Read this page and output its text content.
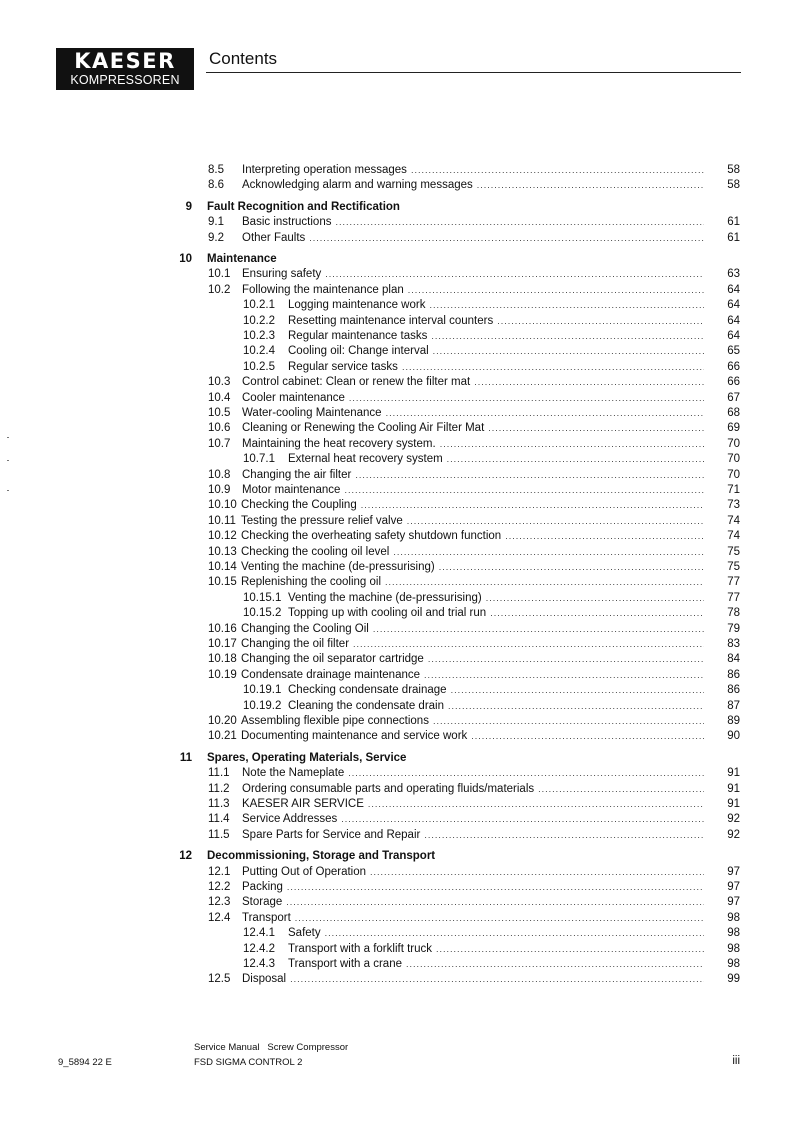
KAESER
KOMPRESSOREN
Contents
8.5 Interpreting operation messages .....	58
8.6 Acknowledging alarm and warning messages .....	58
9 Fault Recognition and Rectification
9.1 Basic instructions .....	61
9.2 Other Faults .....	61
10 Maintenance
10.1 Ensuring safety .....	63
10.2 Following the maintenance plan .....	64
10.2.1 Logging maintenance work .....	64
10.2.2 Resetting maintenance interval counters .....	64
10.2.3 Regular maintenance tasks .....	64
10.2.4 Cooling oil: Change interval .....	65
10.2.5 Regular service tasks .....	66
10.3 Control cabinet: Clean or renew the filter mat .....	66
10.4 Cooler maintenance .....	67
10.5 Water-cooling Maintenance .....	68
10.6 Cleaning or Renewing the Cooling Air Filter Mat .....	69
10.7 Maintaining the heat recovery system. .....	70
10.7.1 External heat recovery system .....	70
10.8 Changing the air filter .....	70
10.9 Motor maintenance .....	71
10.10 Checking the Coupling .....	73
10.11 Testing the pressure relief valve .....	74
10.12 Checking the overheating safety shutdown function .....	74
10.13 Checking the cooling oil level .....	75
10.14 Venting the machine (de-pressurising) .....	75
10.15 Replenishing the cooling oil .....	77
10.15.1 Venting the machine (de-pressurising) .....	77
10.15.2 Topping up with cooling oil and trial run .....	78
10.16 Changing the Cooling Oil .....	79
10.17 Changing the oil filter .....	83
10.18 Changing the oil separator cartridge .....	84
10.19 Condensate drainage maintenance .....	86
10.19.1 Checking condensate drainage .....	86
10.19.2 Cleaning the condensate drain .....	87
10.20 Assembling flexible pipe connections .....	89
10.21 Documenting maintenance and service work .....	90
11 Spares, Operating Materials, Service
11.1 Note the Nameplate .....	91
11.2 Ordering consumable parts and operating fluids/materials .....	91
11.3 KAESER AIR SERVICE .....	91
11.4 Service Addresses .....	92
11.5 Spare Parts for Service and Repair .....	92
12 Decommissioning, Storage and Transport
12.1 Putting Out of Operation .....	97
12.2 Packing .....	97
12.3 Storage .....	97
12.4 Transport .....	98
12.4.1 Safety .....	98
12.4.2 Transport with a forklift truck .....	98
12.4.3 Transport with a crane .....	98
12.5 Disposal .....	99
9_5894 22 E
Service Manual   Screw Compressor
FSD SIGMA CONTROL 2	iii
